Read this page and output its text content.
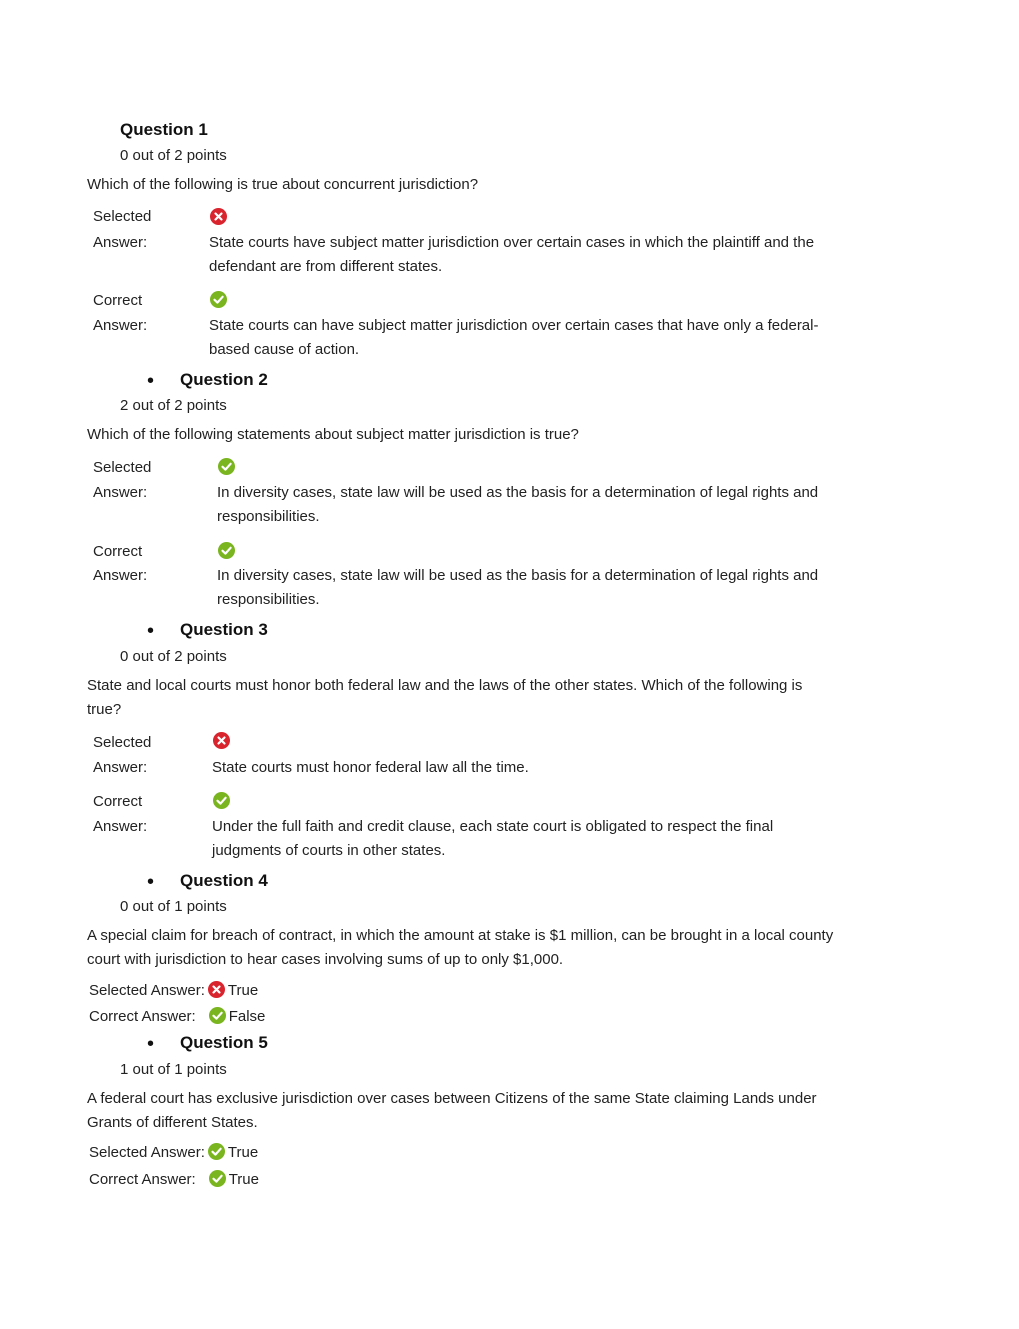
Question 1
0 out of 2 points
Which of the following is true about concurrent jurisdiction?
Selected
Answer:	State courts have subject matter jurisdiction over certain cases in which the plaintiff and the defendant are from different states.
Correct
Answer:	State courts can have subject matter jurisdiction over certain cases that have only a federal-based cause of action.
• Question 2
2 out of 2 points
Which of the following statements about subject matter jurisdiction is true?
Selected
Answer:	In diversity cases, state law will be used as the basis for a determination of legal rights and responsibilities.
Correct
Answer:	In diversity cases, state law will be used as the basis for a determination of legal rights and responsibilities.
• Question 3
0 out of 2 points
State and local courts must honor both federal law and the laws of the other states. Which of the following is true?
Selected
Answer:	State courts must honor federal law all the time.
Correct
Answer:	Under the full faith and credit clause, each state court is obligated to respect the final judgments of courts in other states.
• Question 4
0 out of 1 points
A special claim for breach of contract, in which the amount at stake is $1 million, can be brought in a local county court with jurisdiction to hear cases involving sums of up to only $1,000.
Selected Answer: True
Correct Answer: False
• Question 5
1 out of 1 points
A federal court has exclusive jurisdiction over cases between Citizens of the same State claiming Lands under Grants of different States.
Selected Answer: True
Correct Answer: True
